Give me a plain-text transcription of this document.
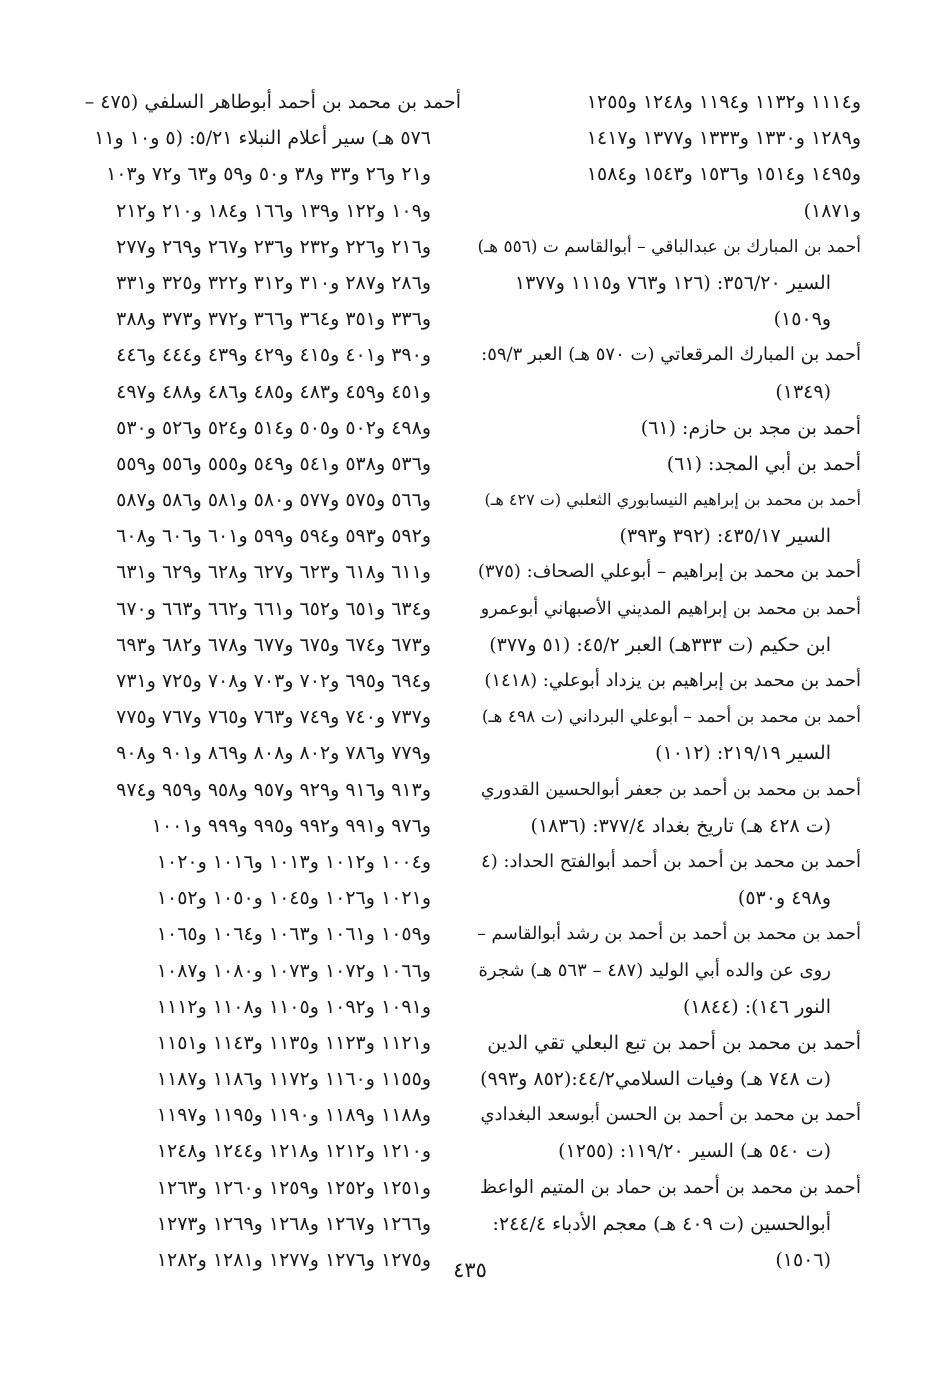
و١١١٤ و١١٣٢ و١١٩٤ و١٢٤٨ و١٢٥٥
و١٢٨٩ و١٣٣٠ و١٣٣٣ و١٣٧٧ و١٤١٧
و١٤٩٥ و١٥١٤ و١٥٣٦ و١٥٤٣ و١٥٨٤
و١٨٧١)
أحمد بن المبارك بن عبدالباقي – أبوالقاسم ت (٥٥٦ هـ)
السير ٣٥٦/٢٠: (١٢٦ و٧٦٣ و١١١٥ و١٣٧٧
و١٥٠٩)
أحمد بن المبارك المرقعاتي (ت ٥٧٠ هـ) العبر ٥٩/٣:
(١٣٤٩)
أحمد بن مجد بن حازم: (٦١)
أحمد بن أبي المجد: (٦١)
أحمد بن محمد بن إبراهيم النيسابوري الثعلبي (ت ٤٢٧ هـ)
السير ٤٣٥/١٧: (٣٩٢ و٣٩٣)
أحمد بن محمد بن إبراهيم – أبوعلي الصحاف: (٣٧٥)
أحمد بن محمد بن إبراهيم المديني الأصبهاني أبوعمرو
ابن حكيم (ت ٣٣٣هـ) العبر ٤٥/٢: (٥١ و٣٧٧)
أحمد بن محمد بن إبراهيم بن يزداد أبوعلي: (١٤١٨)
أحمد بن محمد بن أحمد – أبوعلي البرداني (ت ٤٩٨ هـ)
السير ٢١٩/١٩: (١٠١٢)
أحمد بن محمد بن أحمد بن جعفر أبوالحسين القدوري
(ت ٤٢٨ هـ) تاريخ بغداد ٣٧٧/٤: (١٨٣٦)
أحمد بن محمد بن أحمد بن أحمد أبوالفتح الحداد: (٤
و٤٩٨ و٥٣٠)
أحمد بن محمد بن أحمد بن أحمد بن رشد أبوالقاسم –
روى عن والده أبي الوليد (٤٨٧ – ٥٦٣ هـ) شجرة
النور ١٤٦): (١٨٤٤)
أحمد بن محمد بن أحمد بن تبع البعلي تقي الدين
(ت ٧٤٨ هـ) وفيات السلامي٤٤/٢:(٨٥٢ و٩٩٣)
أحمد بن محمد بن أحمد بن الحسن أبوسعد البغدادي
(ت ٥٤٠ هـ) السير ١١٩/٢٠: (١٢٥٥)
أحمد بن محمد بن أحمد بن حماد بن المتيم الواعظ
أبوالحسين (ت ٤٠٩ هـ) معجم الأدباء ٢٤٤/٤:
(١٥٠٦)
أحمد بن محمد بن أحمد أبوطاهر السلفي (٤٧٥ –
٥٧٦ هـ) سير أعلام النبلاء ٥/٢١: (٥ و١٠ و١١
و٢١ و٢٦ و٣٣ و٣٨ و٥٠ و٥٩ و٦٣ و٧٢ و١٠٣
و١٠٩ و١٢٢ و١٣٩ و١٦٦ و١٨٤ و٢١٠ و٢١٢
و٢١٦ و٢٢٦ و٢٣٢ و٢٣٦ و٢٦٧ و٢٦٩ و٢٧٧
و٢٨٦ و٢٨٧ و٣١٠ و٣١٢ و٣٢٢ و٣٢٥ و٣٣١
و٣٣٦ و٣٥١ و٣٦٤ و٣٦٦ و٣٧٢ و٣٧٣ و٣٨٨
و٣٩٠ و٤٠١ و٤١٥ و٤٢٩ و٤٣٩ و٤٤٤ و٤٤٦
و٤٥١ و٤٥٩ و٤٨٣ و٤٨٥ و٤٨٦ و٤٨٨ و٤٩٧
و٤٩٨ و٥٠٢ و٥٠٥ و٥١٤ و٥٢٤ و٥٢٦ و٥٣٠
و٥٣٦ و٥٣٨ و٥٤١ و٥٤٩ و٥٥٥ و٥٥٦ و٥٥٩
و٥٦٦ و٥٧٥ و٥٧٧ و٥٨٠ و٥٨١ و٥٨٦ و٥٨٧
و٥٩٢ و٥٩٣ و٥٩٤ و٥٩٩ و٦٠١ و٦٠٦ و٦٠٨
و٦١١ و٦١٨ و٦٢٣ و٦٢٧ و٦٢٨ و٦٢٩ و٦٣١
و٦٣٤ و٦٥١ و٦٥٢ و٦٦١ و٦٦٢ و٦٦٣ و٦٧٠
و٦٧٣ و٦٧٤ و٦٧٥ و٦٧٧ و٦٧٨ و٦٨٢ و٦٩٣
و٦٩٤ و٦٩٥ و٧٠٢ و٧٠٣ و٧٠٨ و٧٢٥ و٧٣١
و٧٣٧ و٧٤٠ و٧٤٩ و٧٦٣ و٧٦٥ و٧٦٧ و٧٧٥
و٧٧٩ و٧٨٦ و٨٠٢ و٨٠٨ و٨٦٩ و٩٠١ و٩٠٨
و٩١٣ و٩١٦ و٩٢٩ و٩٥٧ و٩٥٨ و٩٥٩ و٩٧٤
و٩٧٦ و٩٩١ و٩٩٢ و٩٩٥ و٩٩٩ و١٠٠١
و١٠٠٤ و١٠١٢ و١٠١٣ و١٠١٦ و١٠٢٠
و١٠٢١ و١٠٢٦ و١٠٤٥ و١٠٥٠ و١٠٥٢
و١٠٥٩ و١٠٦١ و١٠٦٣ و١٠٦٤ و١٠٦٥
و١٠٦٦ و١٠٧٢ و١٠٧٣ و١٠٨٠ و١٠٨٧
و١٠٩١ و١٠٩٢ و١١٠٥ و١١٠٨ و١١١٢
و١١٢١ و١١٢٣ و١١٣٥ و١١٤٣ و١١٥١
و١١٥٥ و١١٦٠ و١١٧٢ و١١٨٦ و١١٨٧
و١١٨٨ و١١٨٩ و١١٩٠ و١١٩٥ و١١٩٧
و١٢١٠ و١٢١٢ و١٢١٨ و١٢٤٤ و١٢٤٨
و١٢٥١ و١٢٥٢ و١٢٥٩ و١٢٦٠ و١٢٦٣
و١٢٦٦ و١٢٦٧ و١٢٦٨ و١٢٦٩ و١٢٧٣
و١٢٧٥ و١٢٧٦ و١٢٧٧ و١٢٨١ و١٢٨٢	٤٣٥
